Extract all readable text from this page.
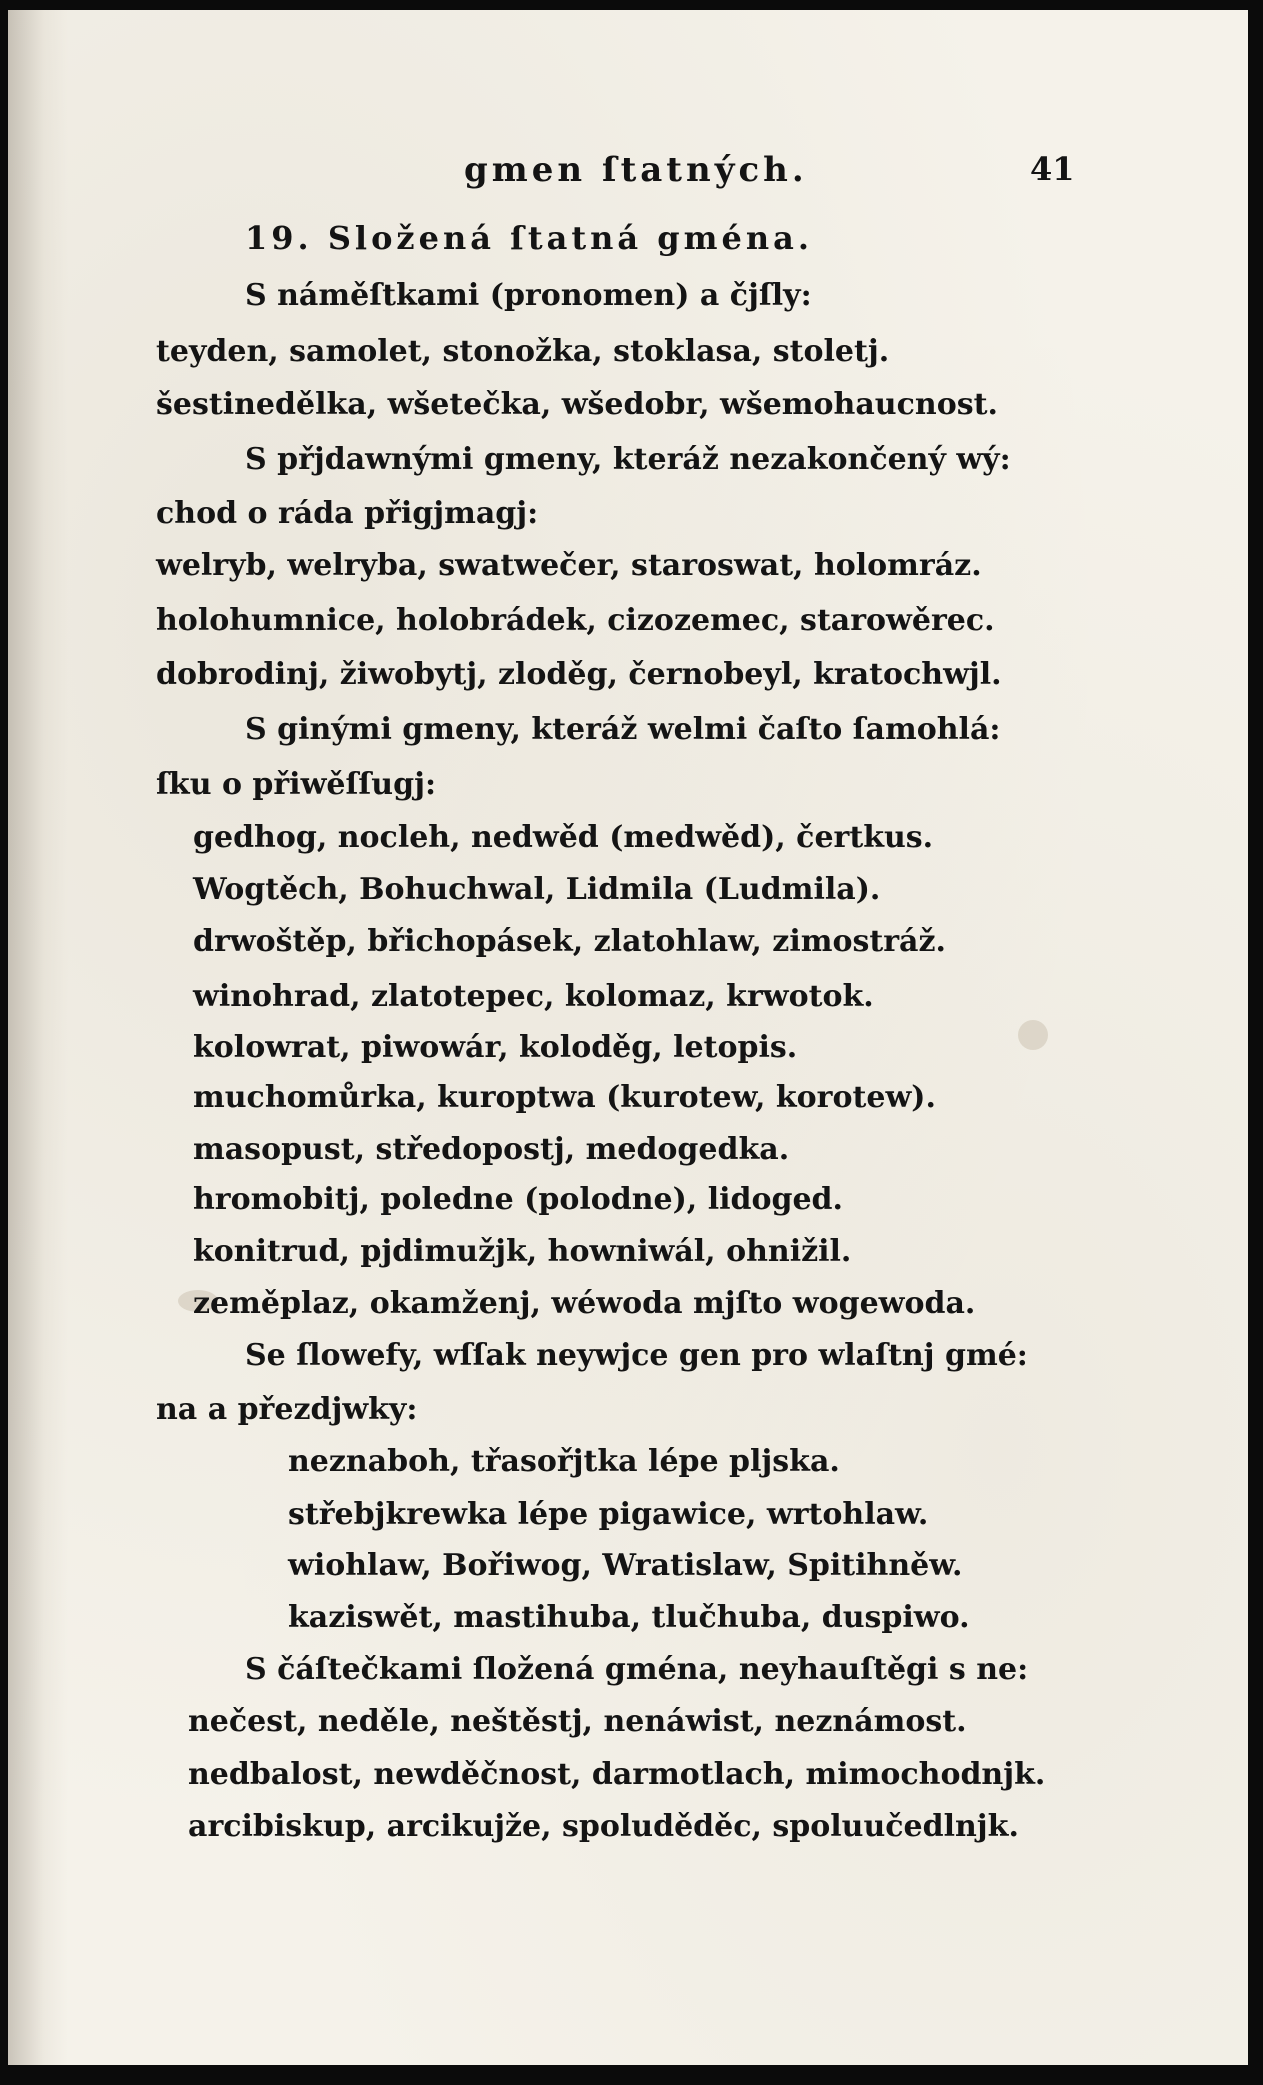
gmen ſtatných.	41
19. Složená ſtatná gména.
S náměſtkami (pronomen) a čjſly:
teyden, samolet, stonožka, stoklasa, stoletj.
šestinedělka, wšetečka, wšedobr, wšemohaucnost.
S přjdawnými gmeny, kteráž nezakončený wý:
chod o ráda přigjmagj:
welryb, welryba, swatwečer, staroswat, holomráz.
holohumnice, holobrádek, cizozemec, starowěrec.
dobrodinj, žiwobytj, zloděg, černobeyl, kratochwjl.
S ginými gmeny, kteráž welmi čaſto ſamohlá:
ſku o přiwěſſugj:
gedhog, nocleh, nedwěd (medwěd), čertkus.
Wogtěch, Bohuchwal, Lidmila (Ludmila).
drwoštěp, břichopásek, zlatohlaw, zimostráž.
winohrad, zlatotepec, kolomaz, krwotok.
kolowrat, piwowár, koloděg, letopis.
muchomůrka, kuroptwa (kurotew, korotew).
masopust, středopostj, medogedka.
hromobitj, poledne (polodne), lidoged.
konitrud, pjdimužjk, howniwál, ohnižil.
zeměplaz, okamženj, wéwoda mjſto wogewoda.
Se ſlowefy, wſſak neywjce gen pro wlaſtnj gmé:
na a přezdjwky:
neznaboh, třasořjtka lépe pljska.
střebjkrewka lépe pigawice, wrtohlaw.
wiohlaw, Bořiwog, Wratislaw, Spitihněw.
kaziswět, mastihuba, tlučhuba, duspiwo.
S čáſtečkami ſložená gména, neyhauſtěgi s ne:
nečest, neděle, neštěstj, nenáwist, neznámost.
nedbalost, newděčnost, darmotlach, mimochodnjk.
arcibiskup, arcikujže, spoluděděc, spoluučedlnjk.
